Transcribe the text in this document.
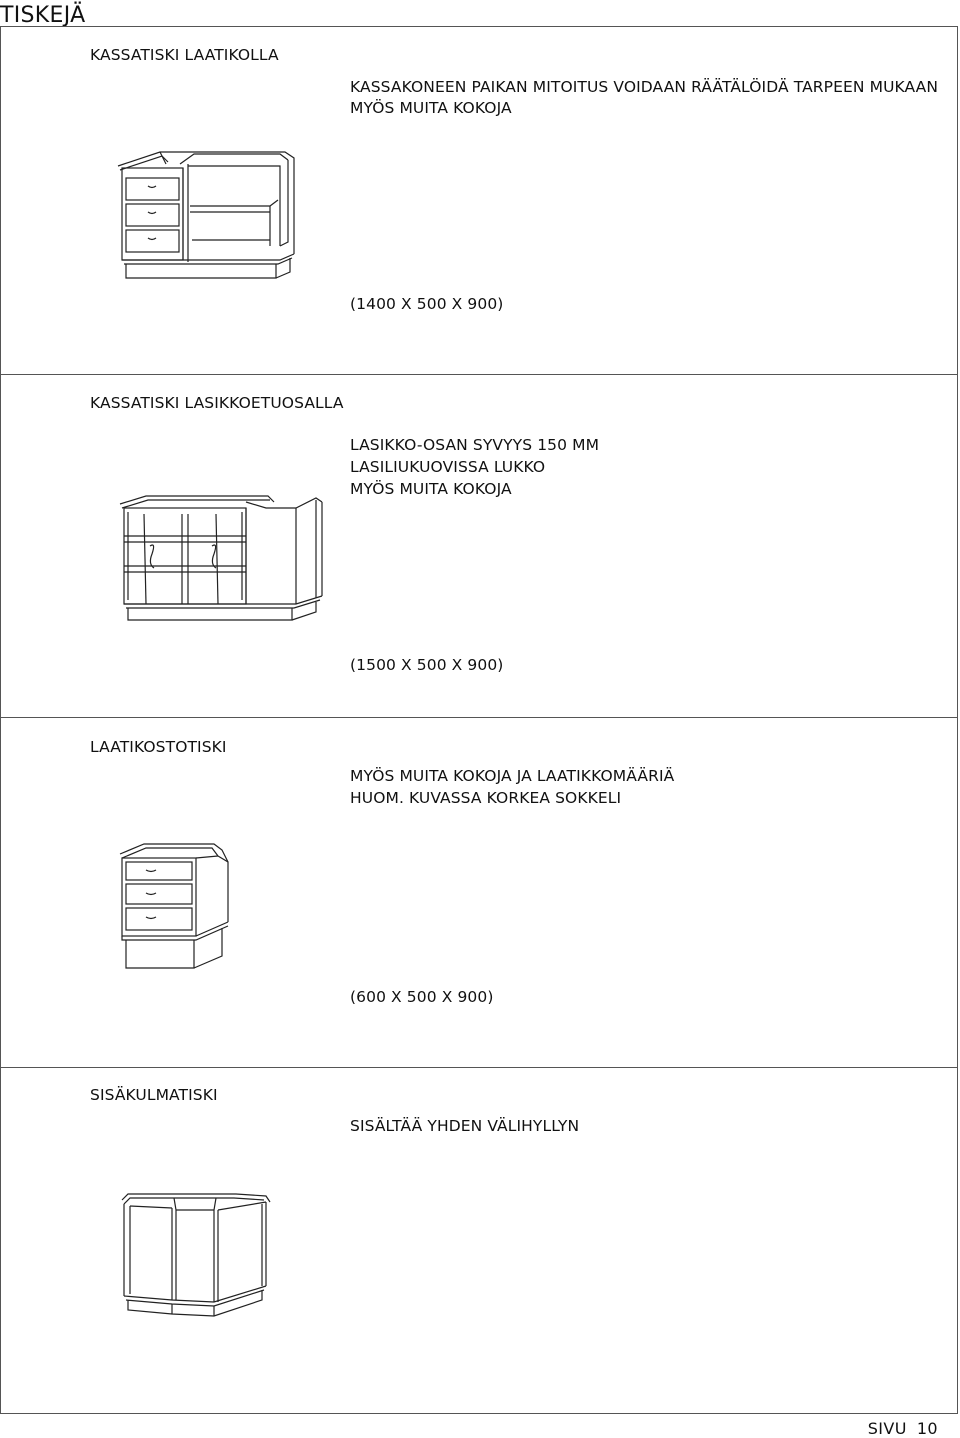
TISKEJÄ
KASSATISKI LAATIKOLLA
KASSAKONEEN PAIKAN MITOITUS VOIDAAN RÄÄTÄLÖIDÄ TARPEEN MUKAAN
MYÖS MUITA KOKOJA
(1400 X 500 X 900)
KASSATISKI LASIKKOETUOSALLA
LASIKKO-OSAN SYVYYS 150 MM
LASILIUKUOVISSA LUKKO
MYÖS MUITA KOKOJA
(1500 X 500 X 900)
LAATIKOSTOTISKI
MYÖS MUITA KOKOJA JA LAATIKKOMÄÄRIÄ
HUOM. KUVASSA KORKEA SOKKELI
(600 X 500 X 900)
SISÄKULMATISKI
SISÄLTÄÄ YHDEN VÄLIHYLLYN
SIVU 10
